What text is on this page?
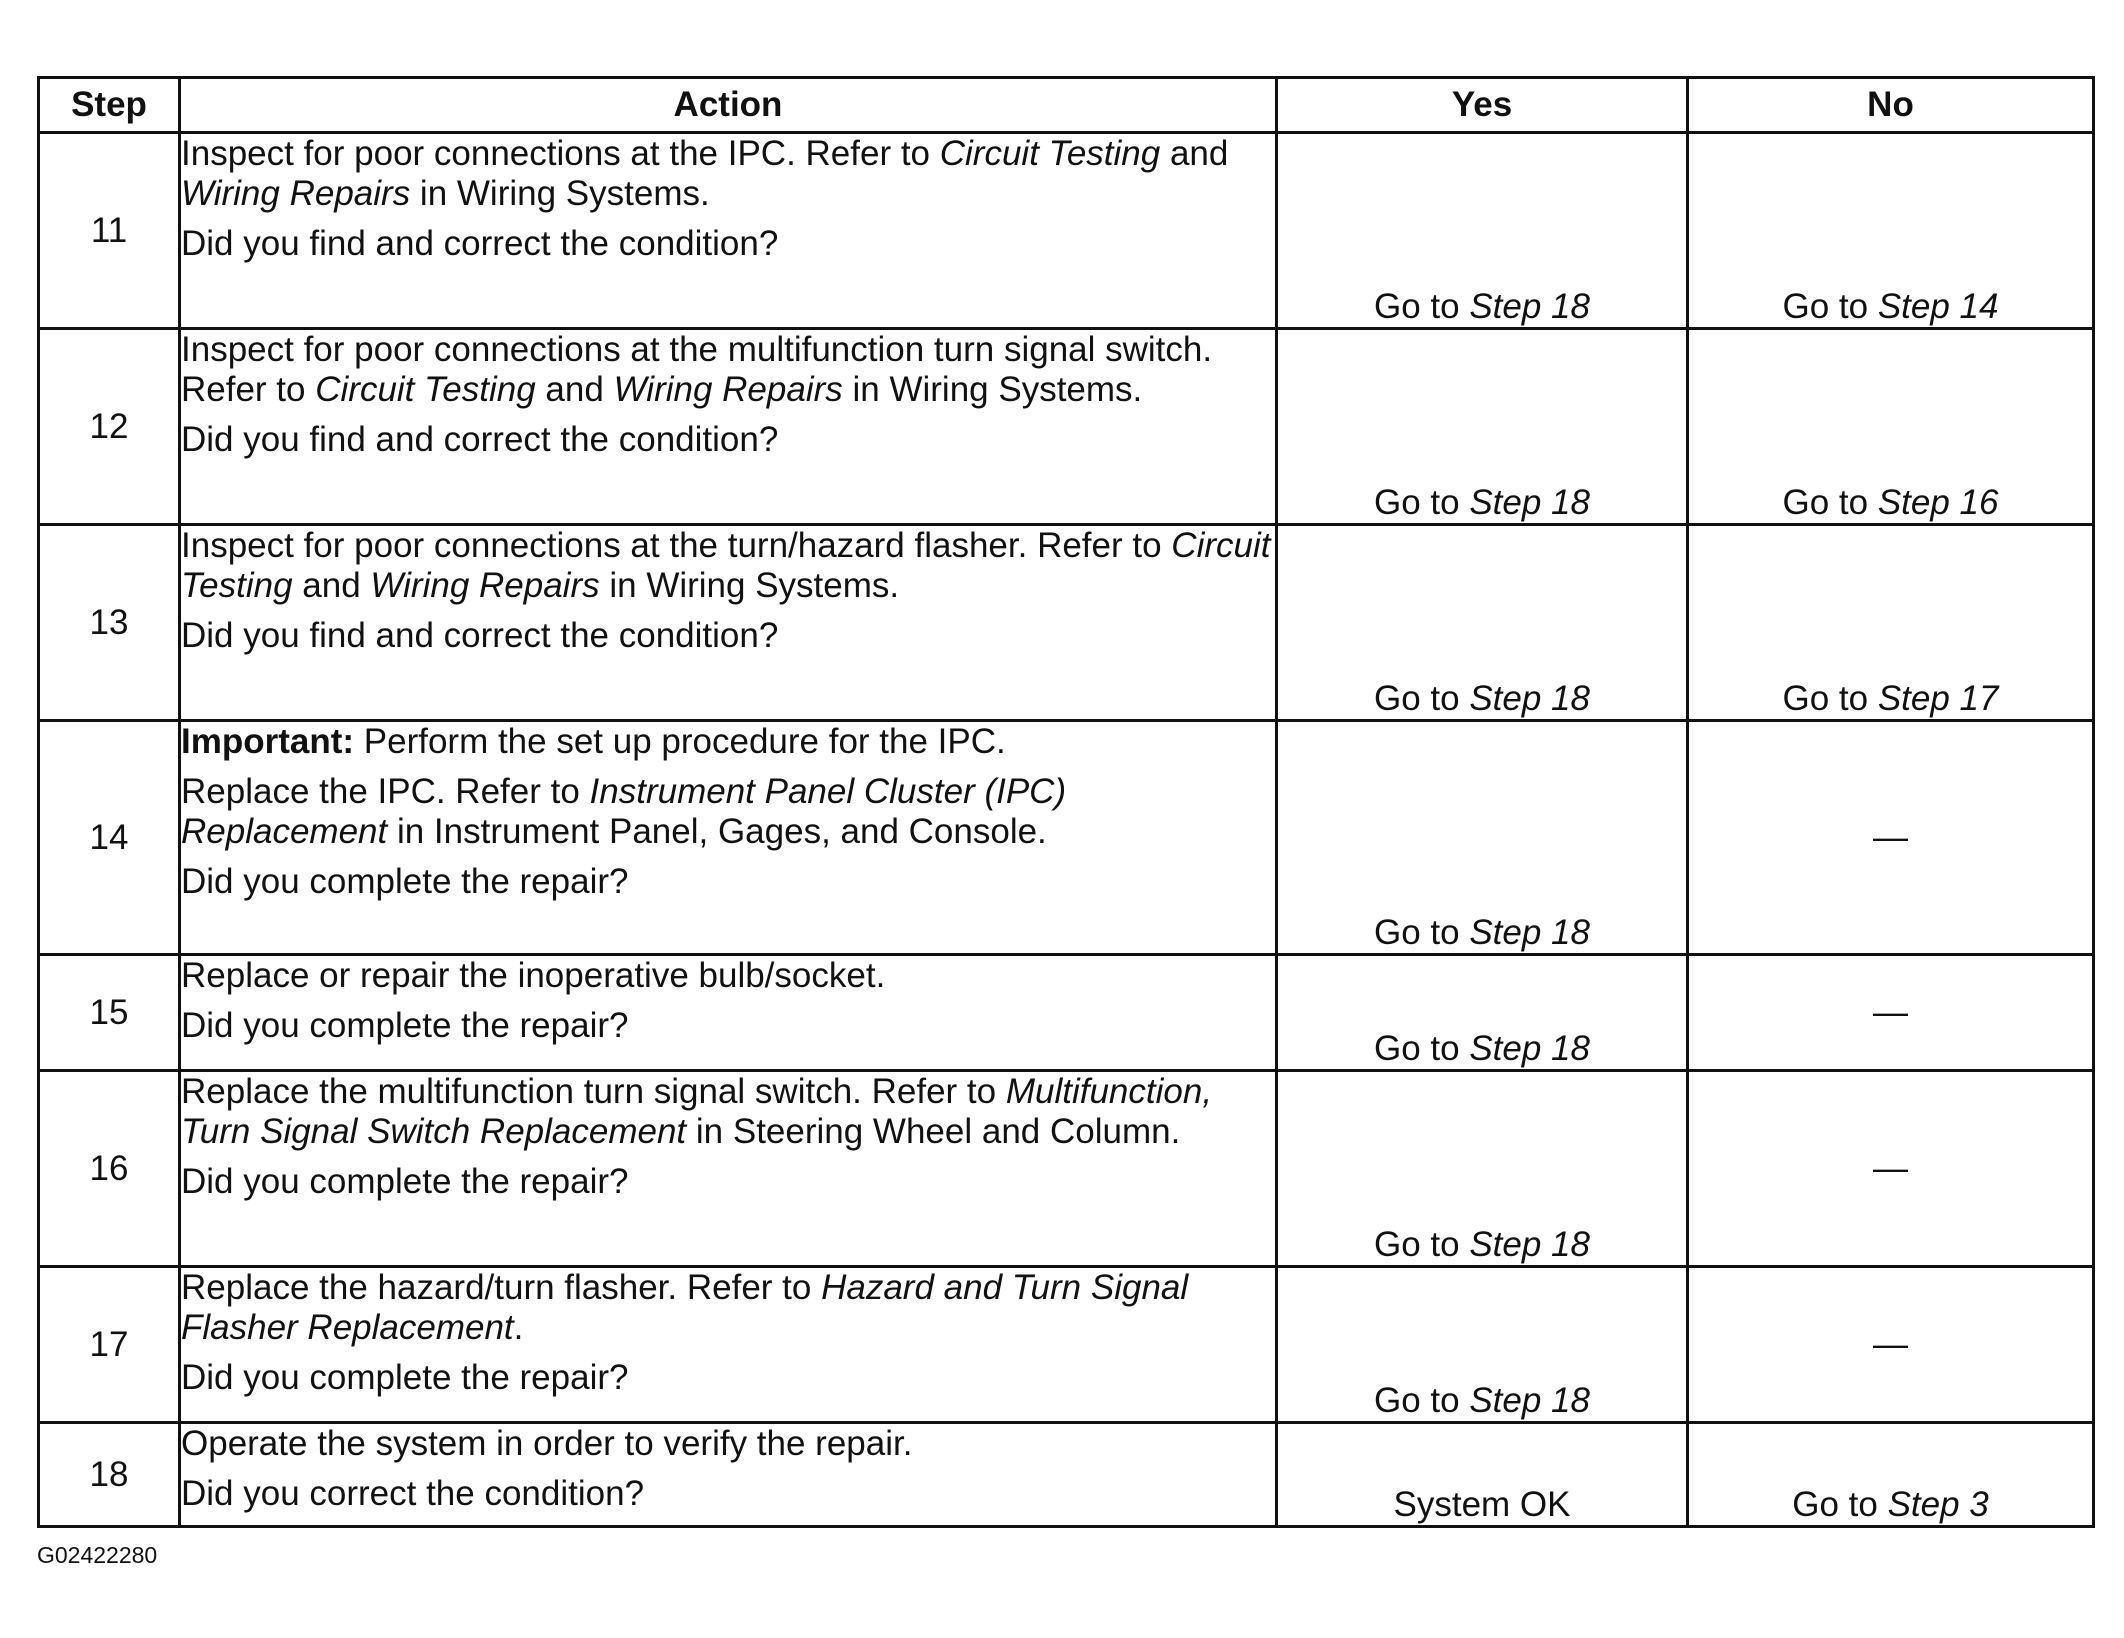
Step	Action	Yes	No
11	Inspect for poor connections at the IPC. Refer to Circuit Testing and Wiring Repairs in Wiring Systems.

Did you find and correct the condition?	Go to Step 18	Go to Step 14
12	Inspect for poor connections at the multifunction turn signal switch. Refer to Circuit Testing and Wiring Repairs in Wiring Systems.

Did you find and correct the condition?	Go to Step 18	Go to Step 16
13	Inspect for poor connections at the turn/hazard flasher. Refer to Circuit Testing and Wiring Repairs in Wiring Systems.

Did you find and correct the condition?	Go to Step 18	Go to Step 17
14	Important: Perform the set up procedure for the IPC.

Replace the IPC. Refer to Instrument Panel Cluster (IPC) Replacement in Instrument Panel, Gages, and Console.

Did you complete the repair?	Go to Step 18	—
15	Replace or repair the inoperative bulb/socket.

Did you complete the repair?	Go to Step 18	—
16	Replace the multifunction turn signal switch. Refer to Multifunction, Turn Signal Switch Replacement in Steering Wheel and Column.

Did you complete the repair?	Go to Step 18	—
17	Replace the hazard/turn flasher. Refer to Hazard and Turn Signal Flasher Replacement.

Did you complete the repair?	Go to Step 18	—
18	Operate the system in order to verify the repair.

Did you correct the condition?	System OK	Go to Step 3
G02422280
